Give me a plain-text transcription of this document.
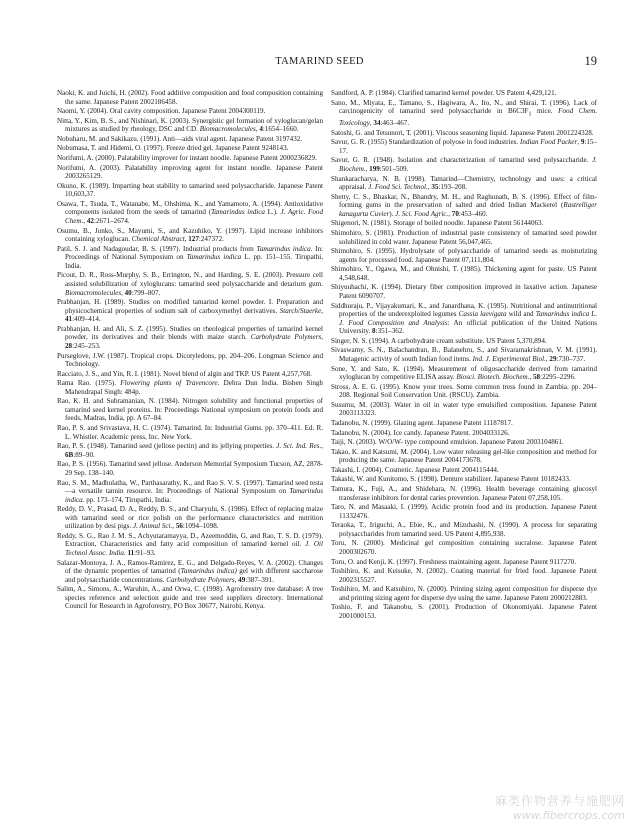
TAMARIND SEED	19

Naoki, K. and Juichi, H. (2002). Food additive composition and food composition containing the same. Japanese Patent 2002186458.

Naomi, Y. (2004). Oral cavity composition. Japanese Patent 2004300119.

Nitta, Y., Kim, B. S., and Nishinari, K. (2003). Synergistic gel formation of xyloglucan/gelan mixtures as studied by rheology, DSC and CD. Biomacromolecules, 4:1654–1660.

Nobuharu, M. and Sakikazu. (1991). Anti—aids viral agent. Japanese Patent 3197432.

Nobumasa, T. and Hidemi, O. (1997). Freeze dried gel. Japanese Patent 9248143.

Norifumi, A. (2000). Palatability improver for instant noodle. Japanese Patent 2000236829.

Norifumi, A. (2003). Palatability improving agent for instant noodle. Japanese Patent 2003265129.

Okuno, K. (1989). Imparting heat stability to tamarind seed polysaccharide. Japanese Patent 10,603,37.

Osawa, T., Tsuda, T., Watanabe, M., Ohshima, K., and Yamamoto, A. (1994). Antioxidative components isolated from the seeds of tamarind (Tamarindus indica L.). J. Agric. Food Chem., 42:2671–2674.

Osumu, B., Junko, S., Mayumi, S., and Kazuhiko, Y. (1997). Lipid increase inhibitors containing xyloglucan. Chemical Abstract, 127:247372.

Patil, S. J. and Nadagoudar, B. S. (1997). Industrial products from Tamarindus indica. In: Proceedings of National Symposium on Tamarindus indica L. pp. 151–155. Tirupathi, India.

Picout, D. R., Ross-Murphy, S. B., Errington, N., and Harding, S. E. (2003). Pressure cell assisted solubilization of xyloglucans: tamarind seed polysaccharide and detarium gum. Biomacromolecules, 40:799–807.

Prabhanjan, H. (1989). Studies on modified tamarind kernel powder. I. Preparation and physicochemical properties of sodium salt of carboxymethyl derivatives. Starch/Staerke, 41:409–414.

Prabhanjan, H. and Ali, S. Z. (1995). Studies on rheological properties of tamarind kernel powder, its derivatives and their blends with maize starch. Carbohydrate Polymers, 28:245–253.

Purseglove, J.W. (1987). Tropical crops. Dicotyledons, pp. 204–206. Longman Science and Technology.

Racciato, J. S., and Yin, R. I. (1981). Novel blend of algin and TKP. US Patent 4,257,768.

Rama Rao. (1975). Flowering plants of Travencore. Dehra Dun India. Bishen Singh Mahendrapal Singh: 484p.

Rao, K. H. and Subramanian, N. (1984). Nitrogen solubility and functional properties of tamarind seed kernel proteins. In: Proceedings National symposium on protein foods and feeds, Madras, India, pp. A 67–84.

Rao, P. S. and Srivastava, H. C. (1974). Tamarind. In: Industrial Gums. pp. 370–411. Ed. R. L. Whistler. Academic press, Inc. New York.

Rao, P. S. (1948). Tamarind seed (jellose pectin) and its jellying properties. J. Sci. Ind. Res., 6B:89–90.

Rao, P. S. (1956). Tamarind seed jellose. Anderson Memorial Symposium Tucson, AZ, 2878-29 Sep. 138–140.

Rao, S. M., Madhulatha, W., Parthasarathy, K., and Rao S. V. S. (1997). Tamarind seed testa—a versatile tannin resource. In: Proceedings of National Symposium on Tamarindus indica. pp. 173–174, Tirupathi, India.

Reddy, D. V., Prasad, D. A., Reddy, B. S., and Charyulu, S. (1986). Effect of replacing maize with tamarind seed or rice polish on the performance characteristics and nutrition utilization by desi pigs. J. Animal Sci., 56:1094–1098.

Reddy, S. G., Rao J. M. S., Achyutaramayya, D., Azeemoddin, G, and Rao, T. S. D. (1979). Extraction, Characteristics and fatty acid composition of tamarind kernel oil. J. Oil Technol Assoc. India. 11:91–93.

Salazar-Montoya, J. A., Ramos-Ramirez, E. G., and Delgado-Reyes, V. A. (2002). Changes of the dynamic properties of tamarind (Tamarindus indica) gel with different saccharose and polysaccharide concentrations. Carbohydrate Polymers, 49:387–391.

Salim, A., Simons, A., Waruhin, A., and Orwa, C. (1998). Agroforestry tree database: A tree species reference and selection guide and tree seed suppliers directory. International Council for Research in Agroforestry, PO Box 30677, Nairobi, Kenya.

Sandford, A. P. (1984). Clarified tamarind kernel powder. US Patent 4,429,121.

Sano, M., Miyata, E., Tamano, S., Hagiwara, A., Ito, N., and Shirai, T. (1996). Lack of carcinogenicity of tamarind seed polysaccharide in $B6C3F_1$ mice. Food Chem. Toxicology, 34:463–467.

Satoshi, G. and Tetsunori, T. (2001). Viscous seasoning liquid. Japanese Patent 2001224328.

Savur, G. R. (1955) Standardization of polyose in food industries. Indian Food Packer, 9:15–17.

Savur, G. R. (1948). Isolation and characterization of tamarind seed polysaccharide. J. Biochem., 199:501–509.

Shankaracharya, N. B. (1998). Tamarind—Chemistry, technology and uses: a critical appraisal. J. Food Sci. Technol., 35:193–208.

Shetty, C. S., Bhaskar, N., Bhandry, M. H., and Raghunath, B. S. (1996). Effect of film- forming gums in the preservation of salted and dried Indian Mackerel (Rastrelliger kanagurta Cuvier). J. Sci. Food Agric., 70:453–460.

Shigenori, N. (1981). Storage of boiled noodle. Japanese Patent 56144063.

Shimohiro, S. (1981). Production of industrial paste consistency of tamarind seed powder solubilized in cold water. Japanese Patent 56,047,465.

Shimohiro, S. (1995). Hydrolysate of polysaccharide of tamarind seeds as moisturizing agents for processed food. Japanese Patent 07,111,804.

Shimohiro, Y., Ogawa, M., and Ohnishi, T. (1985). Thickening agent for paste. US Patent 4,548,648.

Shiyuuhachi, K. (1994). Dietary fiber composition improved in laxative action. Japanese Patent 6090707.

Siddhuraju, P., Vijayakumari, K., and Janardhana, K. (1995). Nutritional and antinutritional properties of the underexploited legumes Cassia laevigata wild and Tamarindus indica L. J. Food Composition and Analysis: An official publication of the United Nations University. 8:351–362.

Singer, N. S. (1994). A carbohydrate cream substitute. US Patent 5,370,894.

Sivaswamy, S. N., Balachandran, B., Balanehru, S., and Sivaramakrishnan, V. M. (1991). Mutagenic activity of south Indian food items. Ind. J. Experimental Biol., 29:730–737.

Sone, Y. and Sato, K. (1994). Measurement of oligosaccharide derived from tamarind xyloglucan by competitive ELISA assay. Biosci. Biotech. Biochem., 58:2295–2296.

Stross, A. E. G. (1995). Know your trees. Some common tress found in Zambia. pp. 204–208. Regional Soil Conservation Unit. (RSCU). Zambia.

Susumu, M. (2003). Water in oil in water type emulsified composition. Japanese Patent 2003113323.

Tadanobu, N. (1999). Glazing agent. Japanese Patent 11187817.

Tadanobu, N. (2004). Ice candy. Japanese Patent. 2004033126.

Taiji, N. (2003). W/O/W- type compound emulsion. Japanese Patent 2003104861.

Takao, K. and Katsumi, M. (2004). Low water releasing gel-like composition and method for producing the same. Japanese Patent 2004173678.

Takashi, I. (2004). Cosmetic. Japanese Patent 2004115444.

Takashi, W. and Kunitomo, S. (1998). Denture stabilizer. Japanese Patent 10182433.

Tamura, K., Fuji, A., and Shidehara, N. (1996). Health beverage containing glucosyl transferase inhibitors for dental caries prevention. Japanese Patent 07,258,105.

Taro, N. and Masaaki, I. (1999). Acidic protein food and its production. Japanese Patent 11332476.

Teraoka, T., Iriguchi, A., Ebie, K., and Mizuhashi, N. (1990). A process for separating polysaccharides from tamarind seed. US Patent 4,895,938.

Toru, N. (2000). Medicinal gel composition containing sucralose. Japanese Patent 2000302670.

Toru, O. and Kenji, K. (1997). Freshness maintaining agent. Japanese Patent 9117270.

Toshihiro, K. and Keisuke, N. (2002). Coating material for fried food. Japanese Patent 2002315527.

Toshihiro, M. and Katsuhiro, N. (2000). Printing sizing agent composition for disperse dye and printing sizing agent for disperse dye using the same. Japanese Patent 2000212883.

Toshio, F. and Takanobu, S. (2001). Production of Okonomiyaki. Japanese Patent 2001000153.

麻类作物营养与施肥网
www.fibercrops.com
